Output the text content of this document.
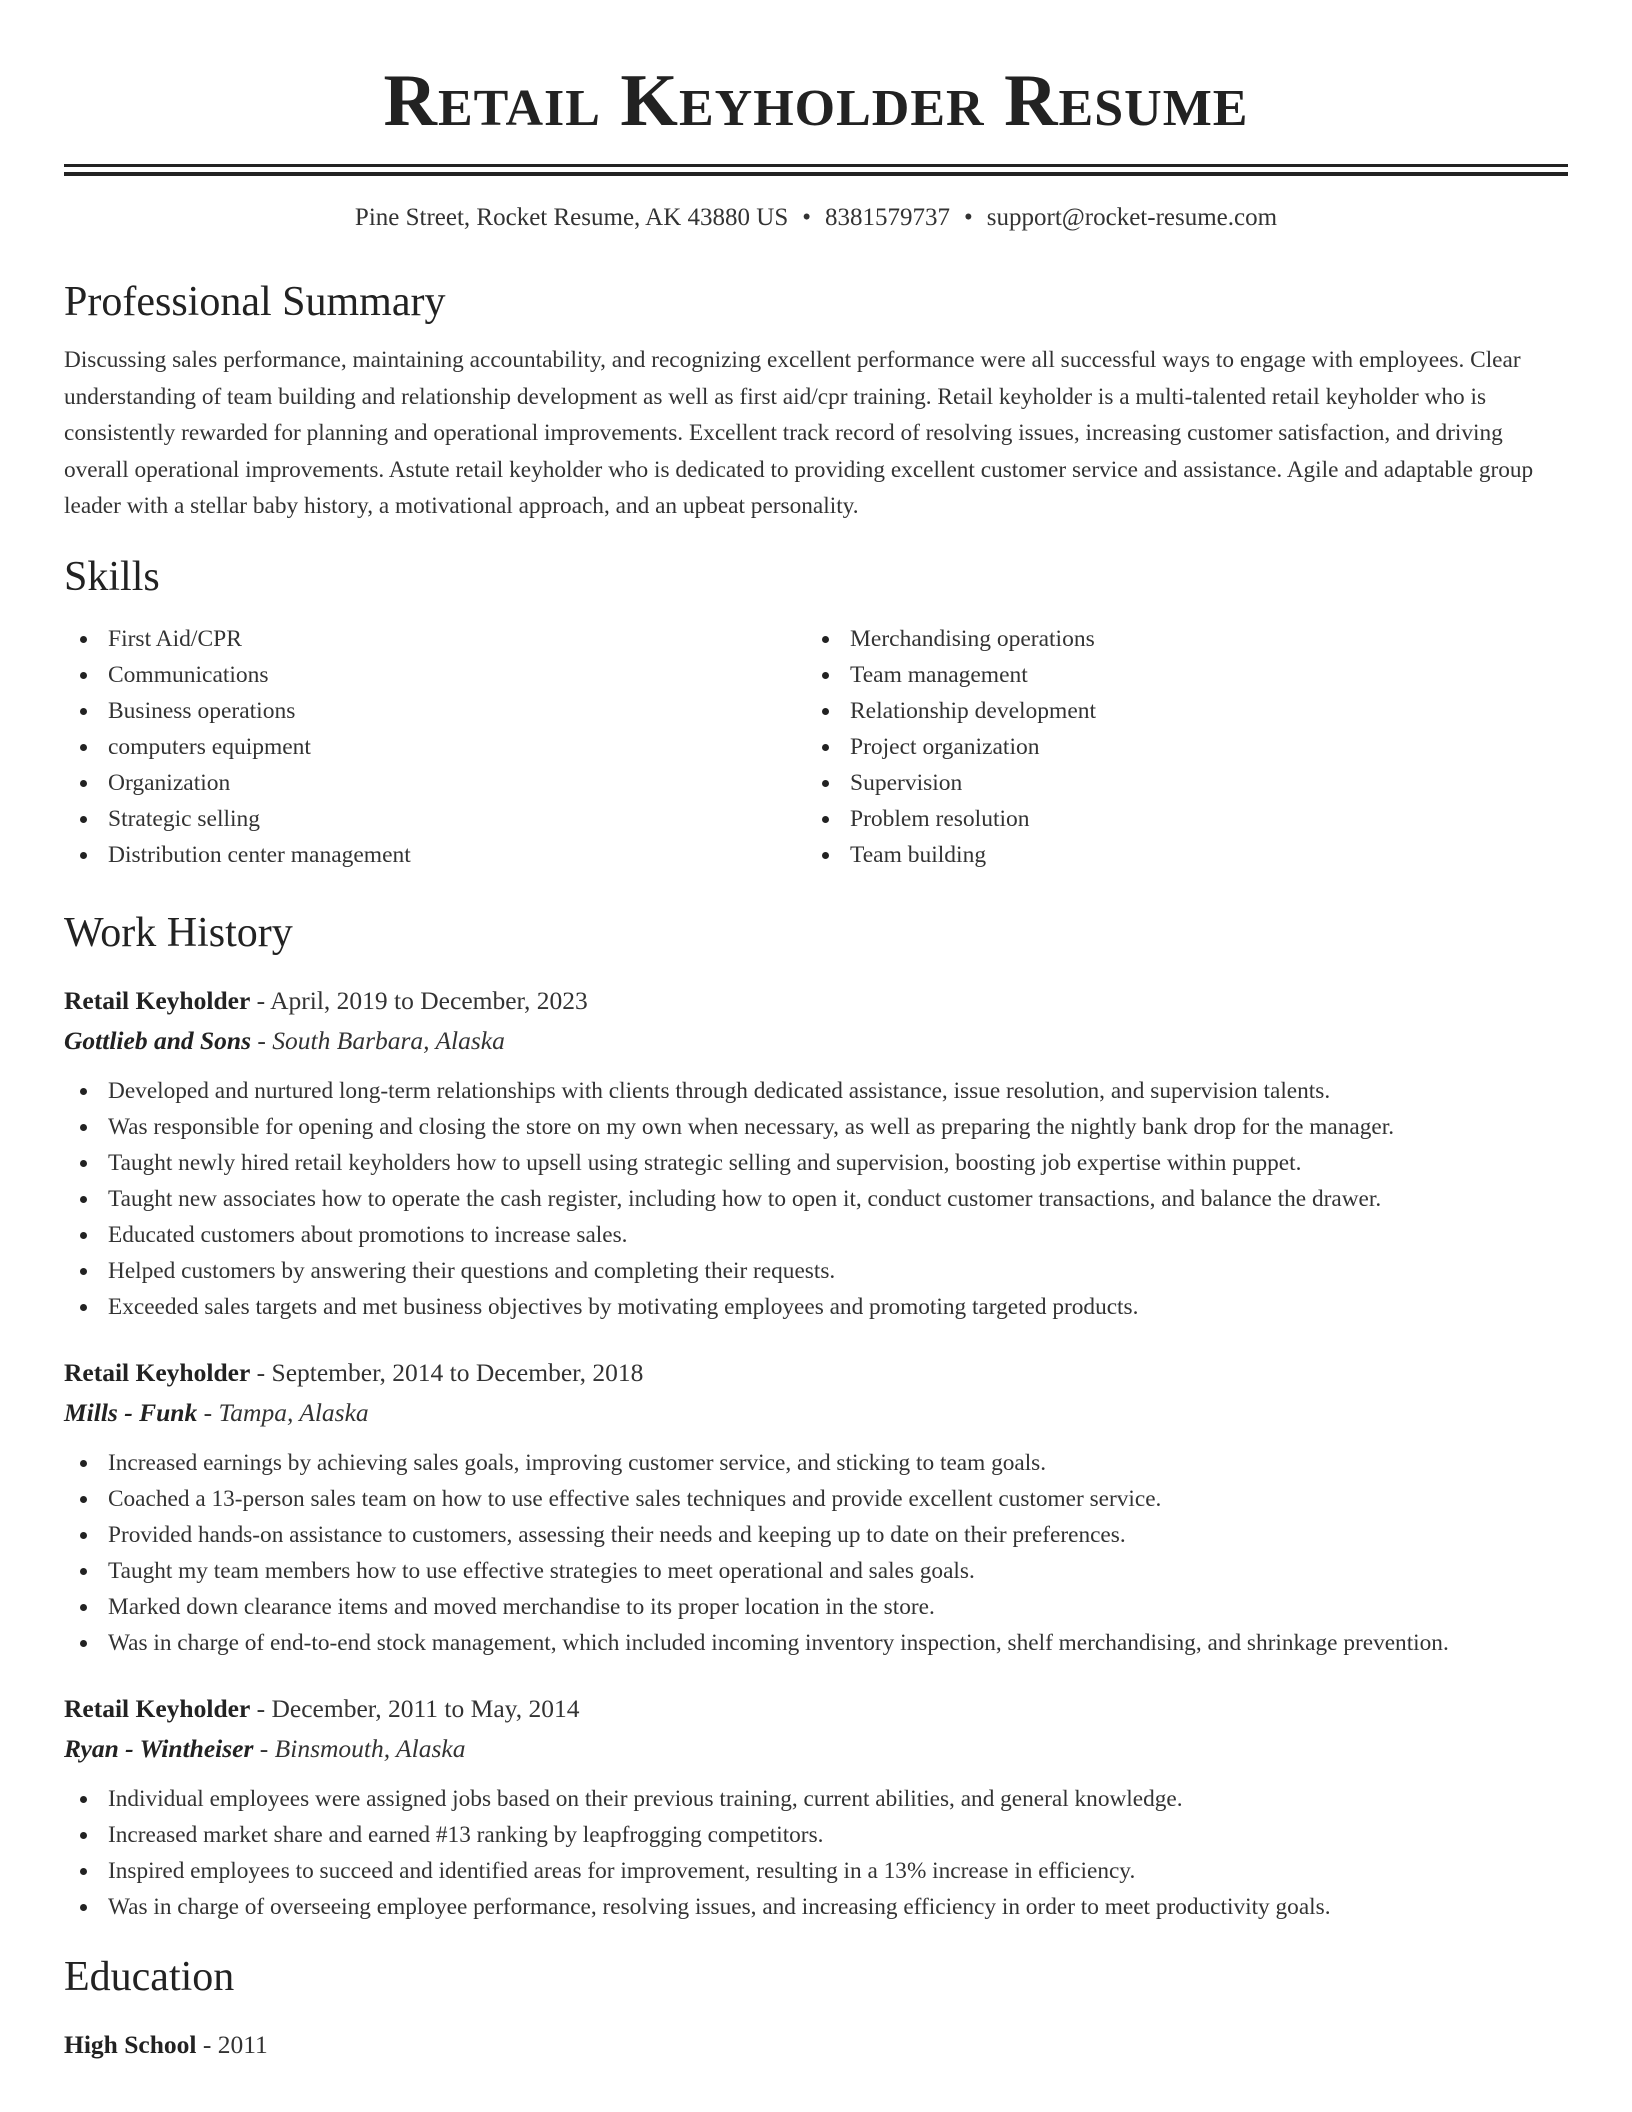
Retail Keyholder Resume
Pine Street, Rocket Resume, AK 43880 US • 8381579737 • support@rocket-resume.com
Professional Summary

Discussing sales performance, maintaining accountability, and recognizing excellent performance were all successful ways to engage with employees. Clear understanding of team building and relationship development as well as first aid/cpr training. Retail keyholder is a multi-talented retail keyholder who is consistently rewarded for planning and operational improvements. Excellent track record of resolving issues, increasing customer satisfaction, and driving overall operational improvements. Astute retail keyholder who is dedicated to providing excellent customer service and assistance. Agile and adaptable group leader with a stellar baby history, a motivational approach, and an upbeat personality.

Skills
First Aid/CPR
Communications
Business operations
computers equipment
Organization
Strategic selling
Distribution center management
Merchandising operations
Team management
Relationship development
Project organization
Supervision
Problem resolution
Team building
Work History
Retail Keyholder - April, 2019 to December, 2023
Gottlieb and Sons - South Barbara, Alaska
Developed and nurtured long-term relationships with clients through dedicated assistance, issue resolution, and supervision talents.
Was responsible for opening and closing the store on my own when necessary, as well as preparing the nightly bank drop for the manager.
Taught newly hired retail keyholders how to upsell using strategic selling and supervision, boosting job expertise within puppet.
Taught new associates how to operate the cash register, including how to open it, conduct customer transactions, and balance the drawer.
Educated customers about promotions to increase sales.
Helped customers by answering their questions and completing their requests.
Exceeded sales targets and met business objectives by motivating employees and promoting targeted products.
Retail Keyholder - September, 2014 to December, 2018
Mills - Funk - Tampa, Alaska
Increased earnings by achieving sales goals, improving customer service, and sticking to team goals.
Coached a 13-person sales team on how to use effective sales techniques and provide excellent customer service.
Provided hands-on assistance to customers, assessing their needs and keeping up to date on their preferences.
Taught my team members how to use effective strategies to meet operational and sales goals.
Marked down clearance items and moved merchandise to its proper location in the store.
Was in charge of end-to-end stock management, which included incoming inventory inspection, shelf merchandising, and shrinkage prevention.
Retail Keyholder - December, 2011 to May, 2014
Ryan - Wintheiser - Binsmouth, Alaska
Individual employees were assigned jobs based on their previous training, current abilities, and general knowledge.
Increased market share and earned #13 ranking by leapfrogging competitors.
Inspired employees to succeed and identified areas for improvement, resulting in a 13% increase in efficiency.
Was in charge of overseeing employee performance, resolving issues, and increasing efficiency in order to meet productivity goals.
Education
High School - 2011
